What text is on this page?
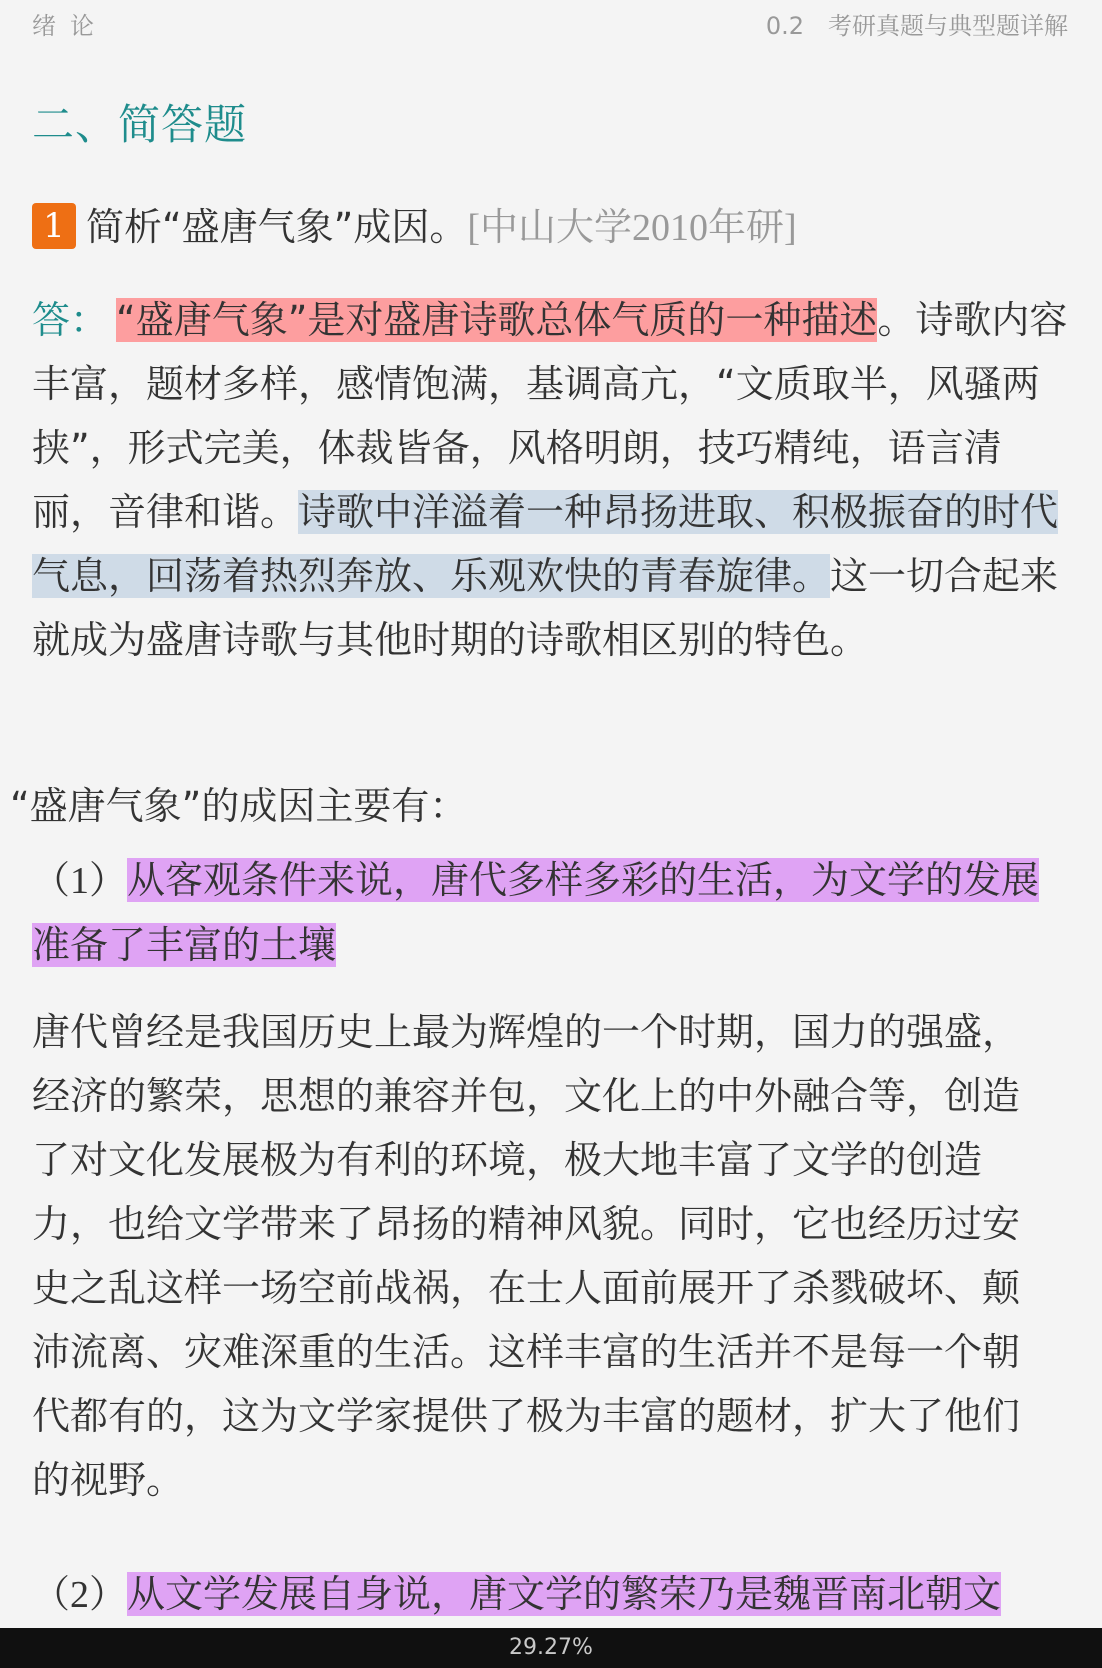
绪论	0.2 考研真题与典型题详解
二、简答题
1 简析“盛唐气象”成因。[中山大学2010年研]
答： “盛唐气象”是对盛唐诗歌总体气质的一种描述。诗歌内容丰富，题材多样，感情饱满，基调高亢，“文质取半，风骚两挟”，形式完美，体裁皆备，风格明朗，技巧精纯，语言清丽，音律和谐。诗歌中洋溢着一种昂扬进取、积极振奋的时代气息，回荡着热烈奔放、乐观欢快的青春旋律。这一切合起来就成为盛唐诗歌与其他时期的诗歌相区别的特色。
“盛唐气象”的成因主要有：
（1）从客观条件来说，唐代多样多彩的生活，为文学的发展准备了丰富的土壤
唐代曾经是我国历史上最为辉煌的一个时期，国力的强盛，经济的繁荣，思想的兼容并包，文化上的中外融合等，创造了对文化发展极为有利的环境，极大地丰富了文学的创造力，也给文学带来了昂扬的精神风貌。同时，它也经历过安史之乱这样一场空前战祸，在士人面前展开了杀戮破坏、颠沛流离、灾难深重的生活。这样丰富的生活并不是每一个朝代都有的，这为文学家提供了极为丰富的题材，扩大了他们的视野。
（2）从文学发展自身说，唐文学的繁荣乃是魏晋南北朝文
29.27%
